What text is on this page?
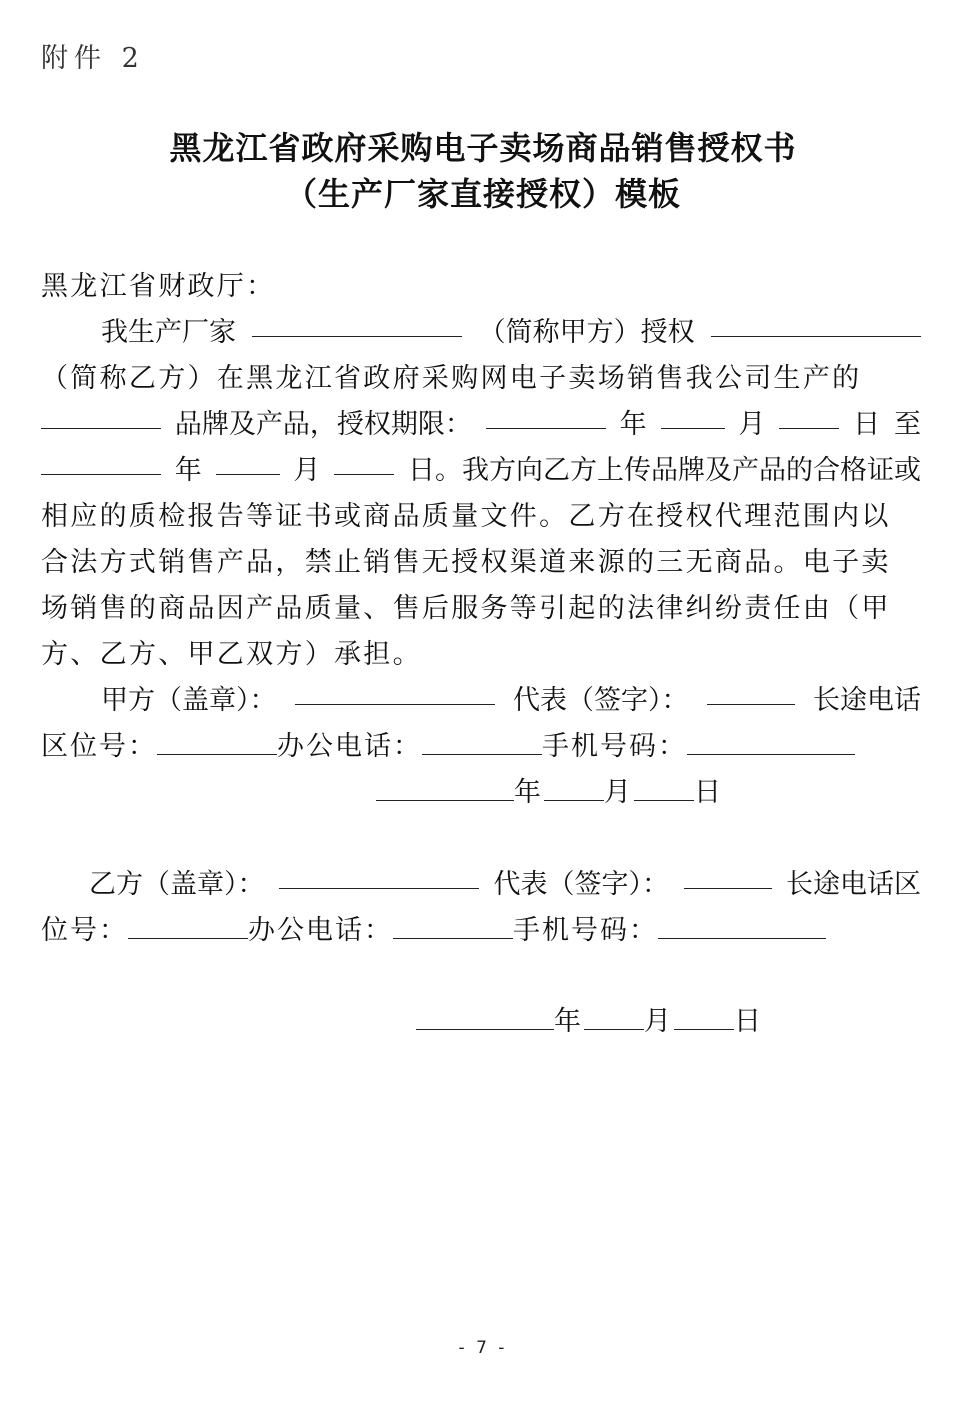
附件 2

黑龙江省政府采购电子卖场商品销售授权书

（生产厂家直接授权）模板

黑龙江省财政厅：

我生产厂家	（简称甲方）授权

（简称乙方）在黑龙江省政府采购网电子卖场销售我公司生产的

品牌及产品，授权期限：	年	月	日 至
年	月	日。我方向乙方上传品牌及产品的合格证或

相应的质检报告等证书或商品质量文件。乙方在授权代理范围内以

合法方式销售产品，禁止销售无授权渠道来源的三无商品。电子卖

场销售的商品因产品质量、售后服务等引起的法律纠纷责任由（甲

方、乙方、甲乙双方）承担。

甲方（盖章）：	代表（签字）：	长途电话
区位号：	办公电话：	手机号码：
年 月 日
乙方（盖章）：	代表（签字）：	长途电话区
位号：	办公电话：	手机号码：
年 月 日

- 7 -
